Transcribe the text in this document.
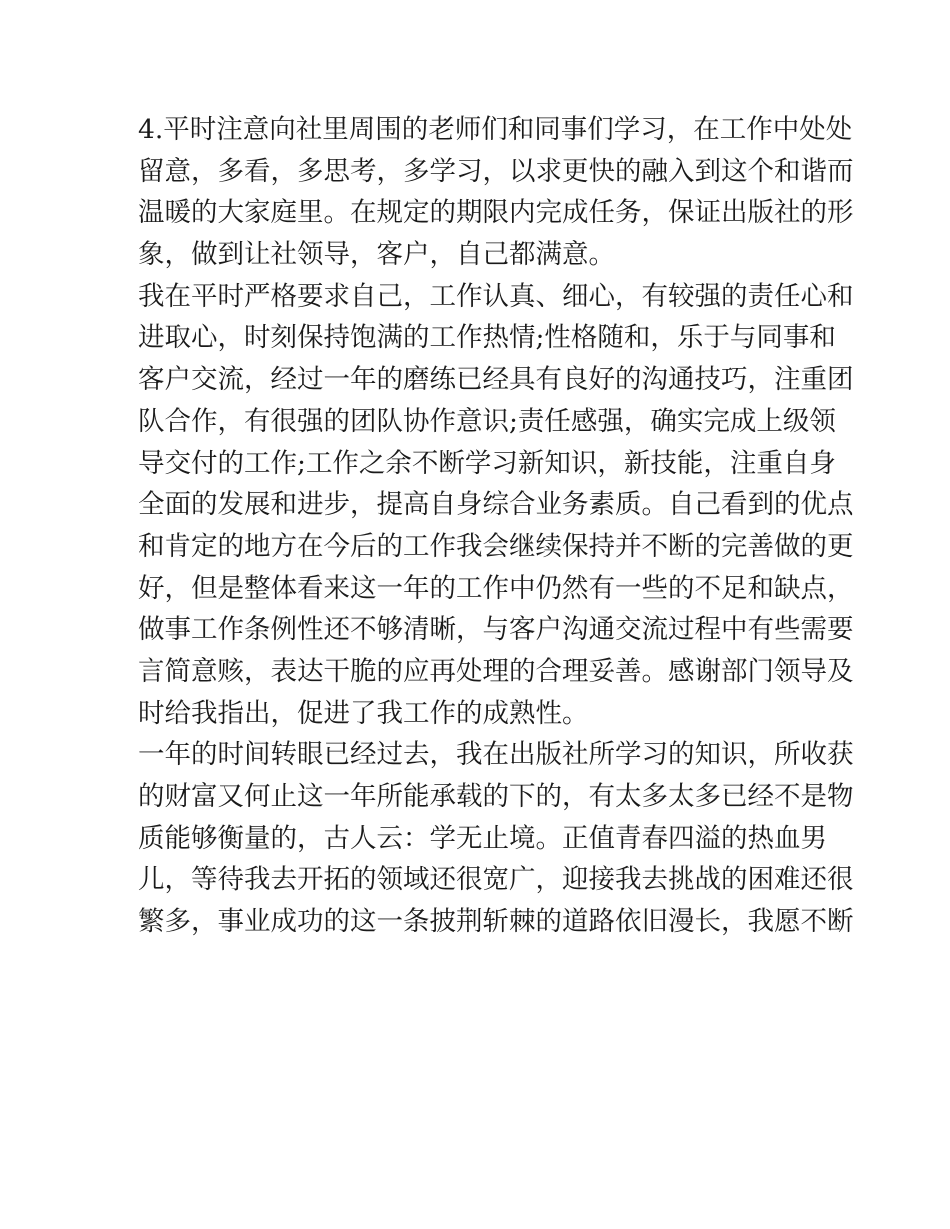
4.平时注意向社里周围的老师们和同事们学习，在工作中处处
留意，多看，多思考，多学习，以求更快的融入到这个和谐而
温暖的大家庭里。在规定的期限内完成任务，保证出版社的形
象，做到让社领导，客户，自己都满意。
我在平时严格要求自己，工作认真、细心，有较强的责任心和
进取心，时刻保持饱满的工作热情;性格随和，乐于与同事和
客户交流，经过一年的磨练已经具有良好的沟通技巧，注重团
队合作，有很强的团队协作意识;责任感强，确实完成上级领
导交付的工作;工作之余不断学习新知识，新技能，注重自身
全面的发展和进步，提高自身综合业务素质。自己看到的优点
和肯定的地方在今后的工作我会继续保持并不断的完善做的更
好，但是整体看来这一年的工作中仍然有一些的不足和缺点，
做事工作条例性还不够清晰，与客户沟通交流过程中有些需要
言简意赅，表达干脆的应再处理的合理妥善。感谢部门领导及
时给我指出，促进了我工作的成熟性。
一年的时间转眼已经过去，我在出版社所学习的知识，所收获
的财富又何止这一年所能承载的下的，有太多太多已经不是物
质能够衡量的，古人云：学无止境。正值青春四溢的热血男
儿，等待我去开拓的领域还很宽广，迎接我去挑战的困难还很
繁多，事业成功的这一条披荆斩棘的道路依旧漫长，我愿不断
